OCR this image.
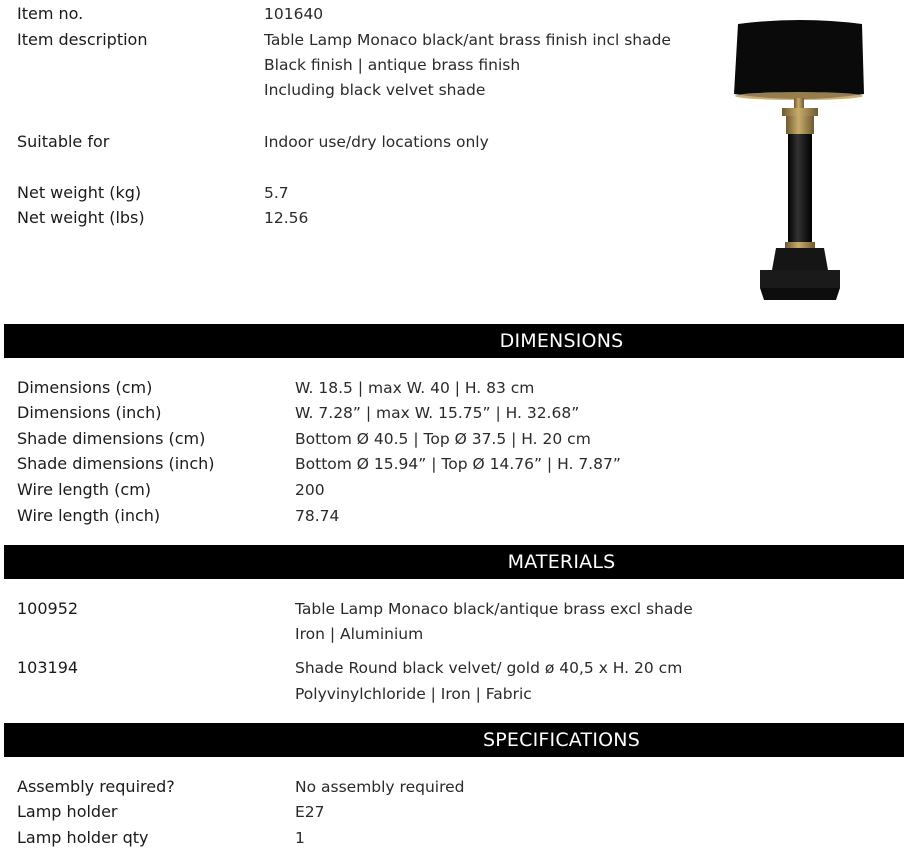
Item no.	101640
Item description	Table Lamp Monaco black/ant brass finish incl shade
Black finish | antique brass finish
Including black velvet shade
Suitable for	Indoor use/dry locations only
Net weight (kg)	5.7
Net weight (lbs)	12.56
DIMENSIONS
Dimensions (cm)	W. 18.5 | max W. 40 | H. 83 cm
Dimensions (inch)	W. 7.28” | max W. 15.75” | H. 32.68”
Shade dimensions (cm)	Bottom Ø 40.5 | Top Ø 37.5 | H. 20 cm
Shade dimensions (inch)	Bottom Ø 15.94” | Top Ø 14.76” | H. 7.87”
Wire length (cm)	200
Wire length (inch)	78.74
MATERIALS
100952	Table Lamp Monaco black/antique brass excl shade
Iron | Aluminium
103194	Shade Round black velvet/ gold ø 40,5 x H. 20 cm
Polyvinylchloride | Iron | Fabric
SPECIFICATIONS
Assembly required?	No assembly required
Lamp holder	E27
Lamp holder qty	1
